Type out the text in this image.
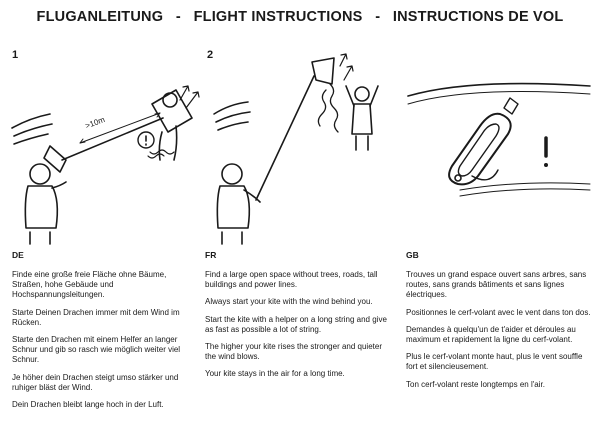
FLUGANLEITUNG   -   FLIGHT INSTRUCTIONS   -   INSTRUCTIONS DE VOL
1	2
>10m
DE

Finde eine große freie Fläche ohne Bäume, Straßen, hohe Gebäude und Hochspannungsleitungen.

Starte Deinen Drachen immer mit dem Wind im Rücken.

Starte den Drachen mit einem Helfer an langer Schnur und gib so rasch wie möglich weiter viel Schnur.

Je höher dein Drachen steigt umso stärker und ruhiger bläst der Wind.

Dein Drachen bleibt lange hoch in der Luft.

FR

Find a large open space without trees, roads, tall buildings and power lines.

Always start your kite with the wind behind you.

Start the kite with a helper on a long string and give as fast as possible a lot of string.

The higher your kite rises the stronger and quieter the wind blows.

Your kite stays in the air for a long time.

GB

Trouves un grand espace ouvert sans arbres, sans routes, sans grands bâtiments et sans lignes électriques.

Positionnes le cerf-volant avec le vent dans ton dos.

Demandes à quelqu'un de t'aider et déroules au maximum et rapidement la ligne du cerf-volant.

Plus le cerf-volant monte haut, plus le vent souffle fort et silencieusement.

Ton cerf-volant reste longtemps en l'air.
